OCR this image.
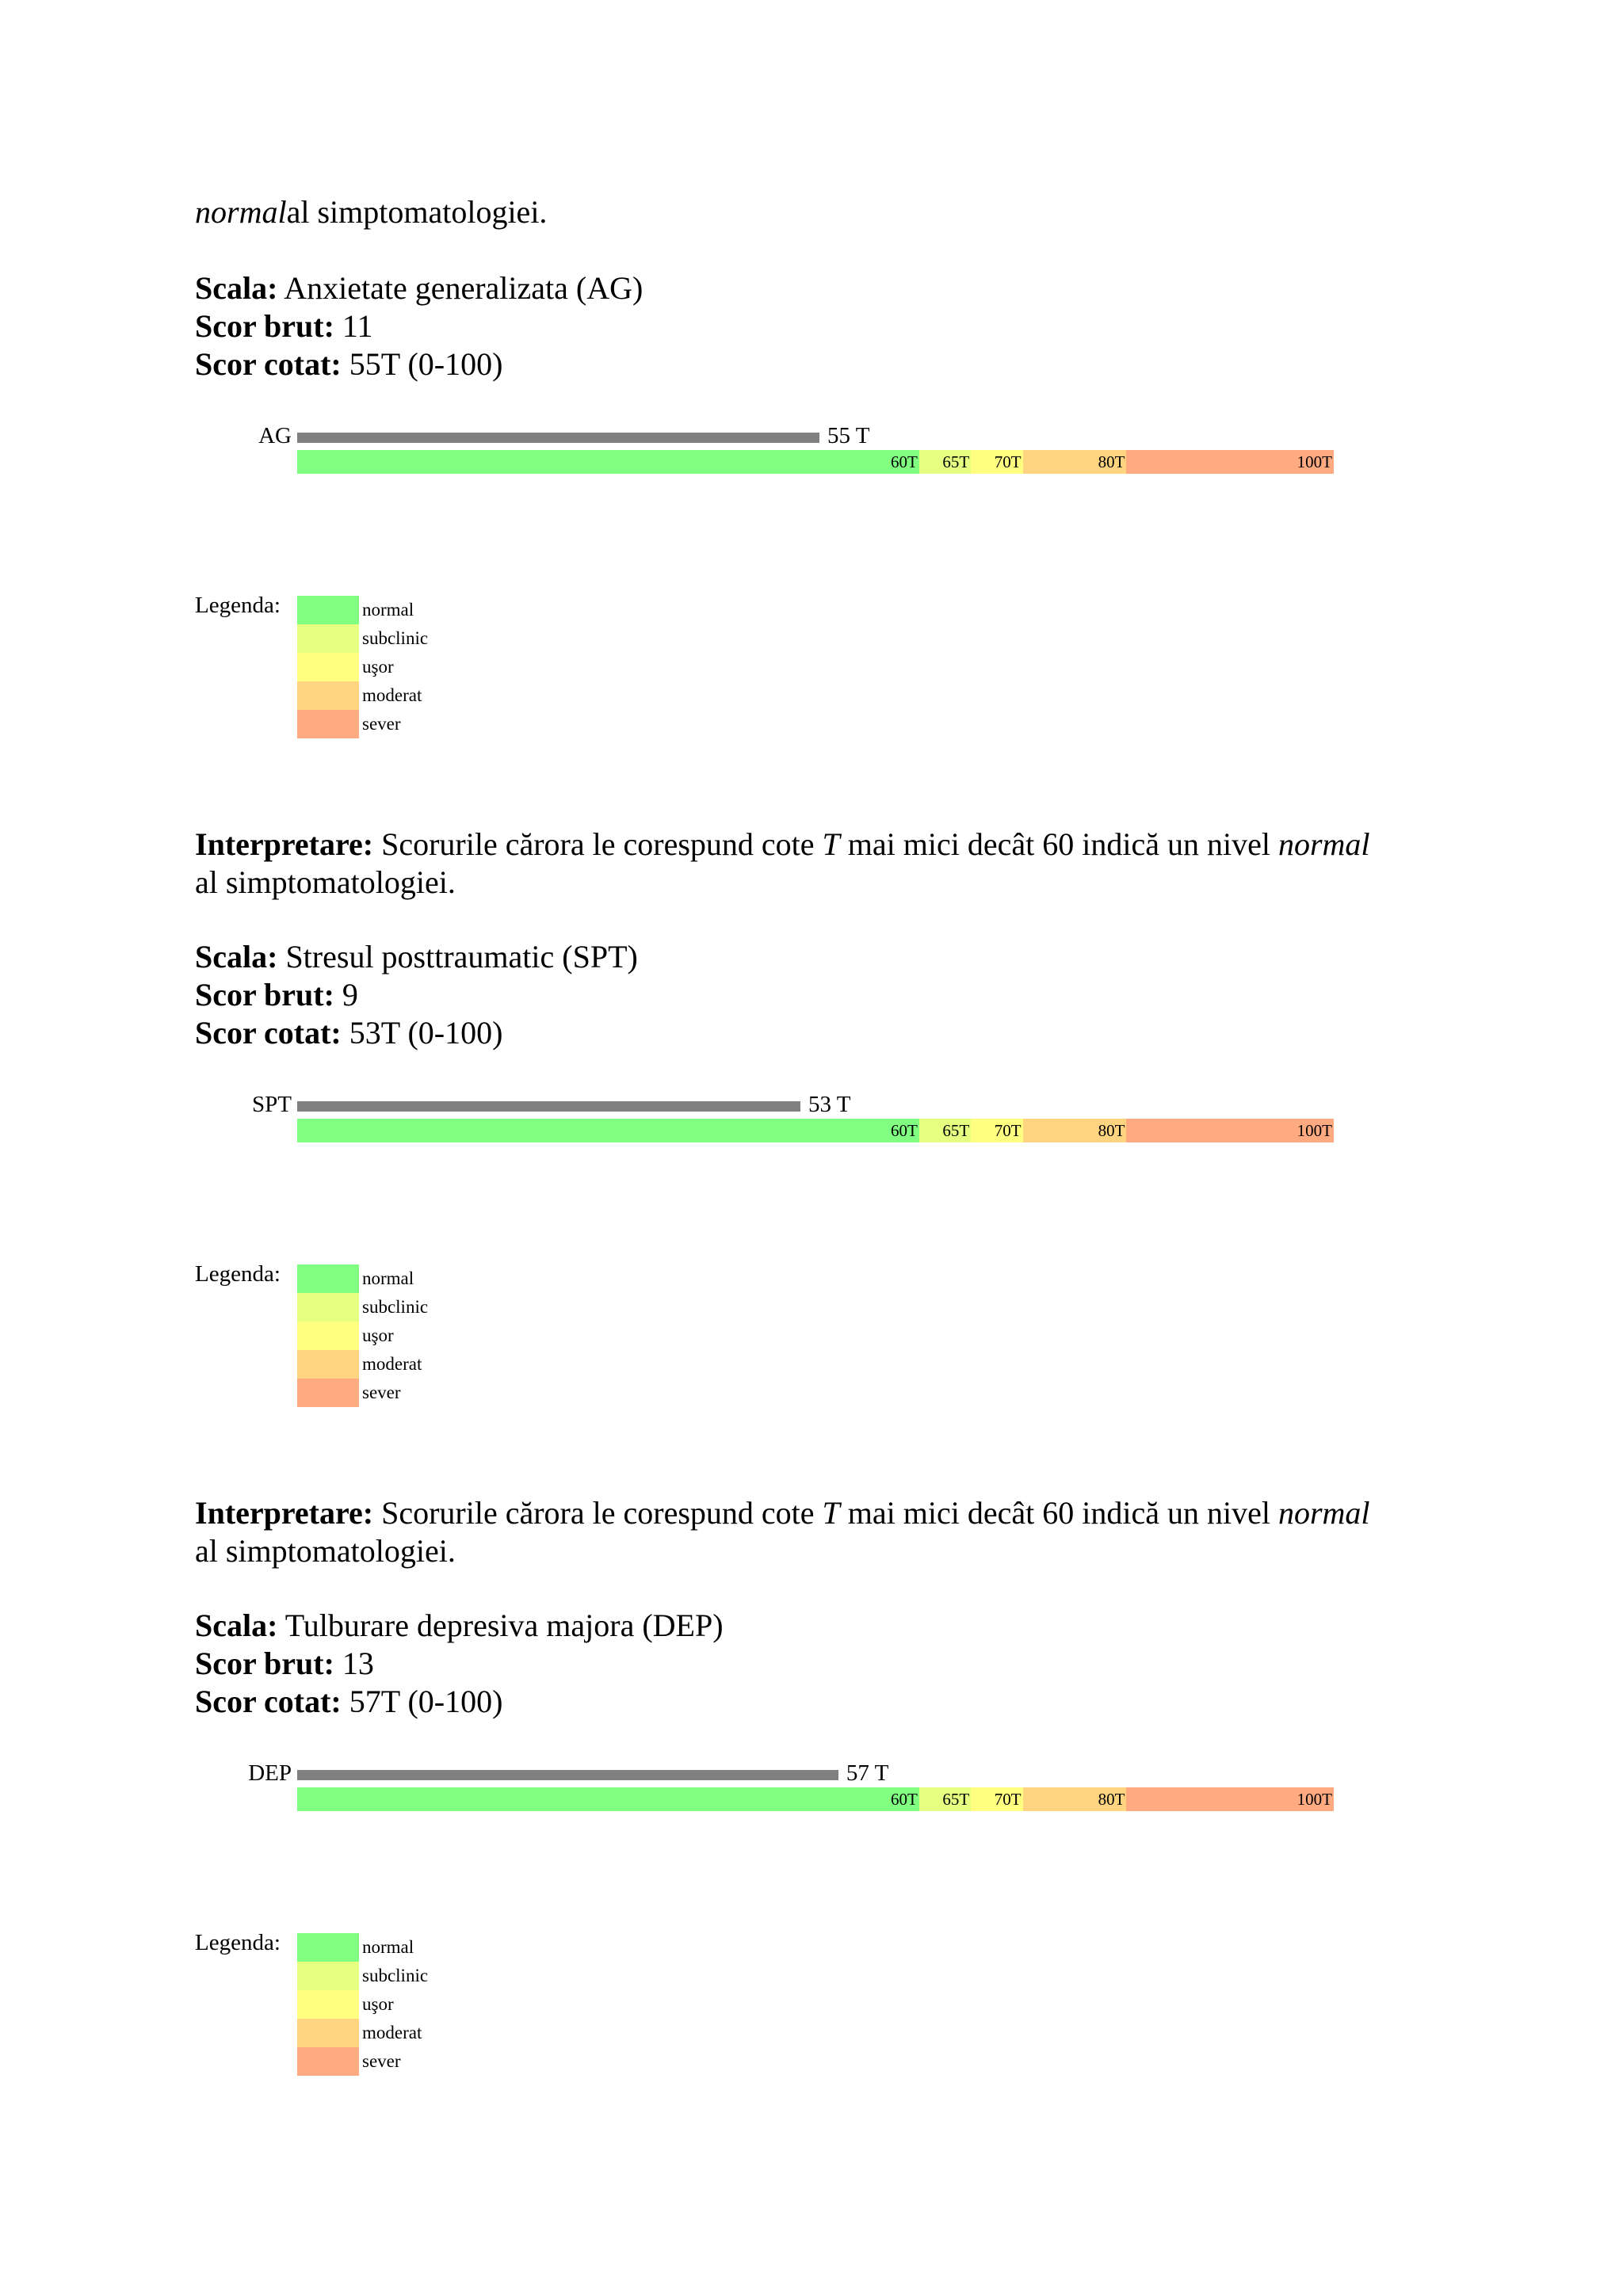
normalal simptomatologiei.
Scala: Anxietate generalizata (AG)
Scor brut: 11
Scor cotat: 55T (0-100)
AG	55 T
60T	65T	70T	80T	100T
Legenda:	normal
subclinic
uşor
moderat
sever
Interpretare: Scorurile cărora le corespund cote T mai mici decât 60 indică un nivel normal
al simptomatologiei.
Scala: Stresul posttraumatic (SPT)
Scor brut: 9
Scor cotat: 53T (0-100)
SPT	53 T
60T	65T	70T	80T	100T
Legenda:	normal
subclinic
uşor
moderat
sever
Interpretare: Scorurile cărora le corespund cote T mai mici decât 60 indică un nivel normal
al simptomatologiei.
Scala: Tulburare depresiva majora (DEP)
Scor brut: 13
Scor cotat: 57T (0-100)
DEP	57 T
60T	65T	70T	80T	100T
Legenda:	normal
subclinic
uşor
moderat
sever
